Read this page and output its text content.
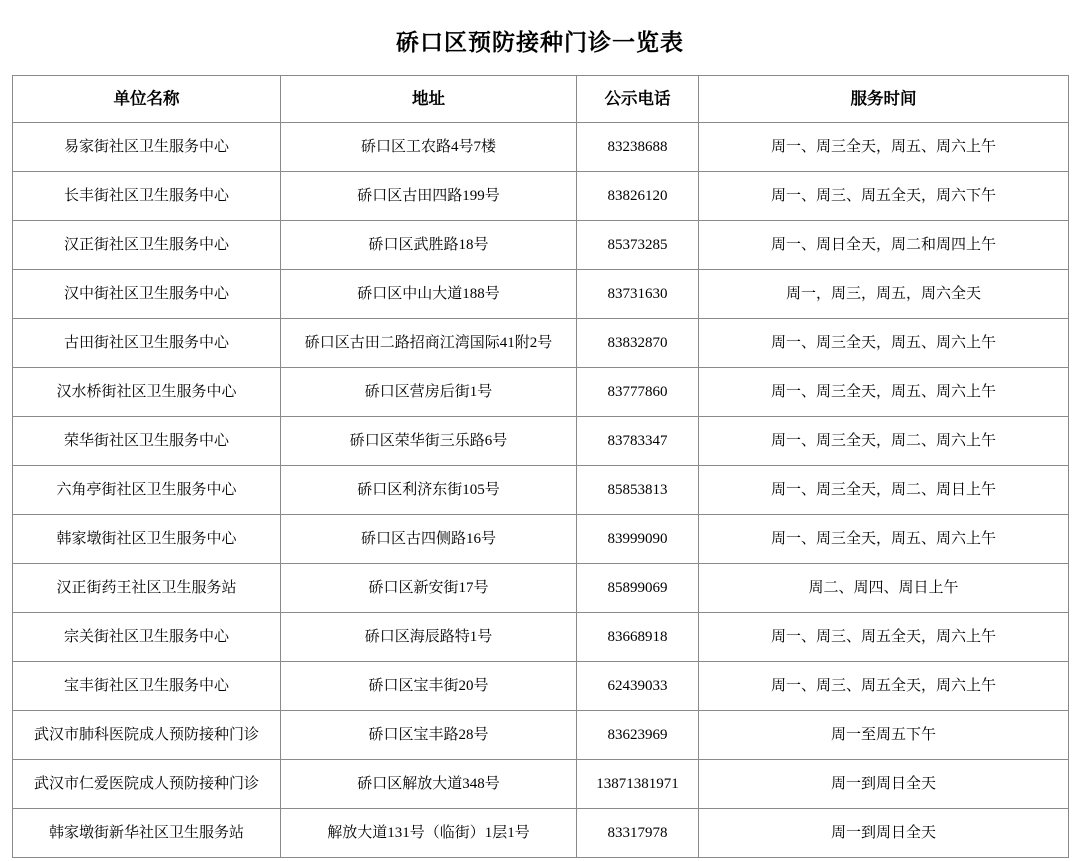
硚口区预防接种门诊一览表
单位名称	地址	公示电话	服务时间
易家街社区卫生服务中心	硚口区工农路4号7楼	83238688	周一、周三全天，周五、周六上午
长丰街社区卫生服务中心	硚口区古田四路199号	83826120	周一、周三、周五全天，周六下午
汉正街社区卫生服务中心	硚口区武胜路18号	85373285	周一、周日全天，周二和周四上午
汉中街社区卫生服务中心	硚口区中山大道188号	83731630	周一，周三，周五，周六全天
古田街社区卫生服务中心	硚口区古田二路招商江湾国际41附2号	83832870	周一、周三全天，周五、周六上午
汉水桥街社区卫生服务中心	硚口区营房后街1号	83777860	周一、周三全天，周五、周六上午
荣华街社区卫生服务中心	硚口区荣华街三乐路6号	83783347	周一、周三全天，周二、周六上午
六角亭街社区卫生服务中心	硚口区利济东街105号	85853813	周一、周三全天，周二、周日上午
韩家墩街社区卫生服务中心	硚口区古四侧路16号	83999090	周一、周三全天，周五、周六上午
汉正街药王社区卫生服务站	硚口区新安街17号	85899069	周二、周四、周日上午
宗关街社区卫生服务中心	硚口区海辰路特1号	83668918	周一、周三、周五全天，周六上午
宝丰街社区卫生服务中心	硚口区宝丰街20号	62439033	周一、周三、周五全天，周六上午
武汉市肺科医院成人预防接种门诊	硚口区宝丰路28号	83623969	周一至周五下午
武汉市仁爱医院成人预防接种门诊	硚口区解放大道348号	13871381971	周一到周日全天
韩家墩街新华社区卫生服务站	解放大道131号（临街）1层1号	83317978	周一到周日全天
